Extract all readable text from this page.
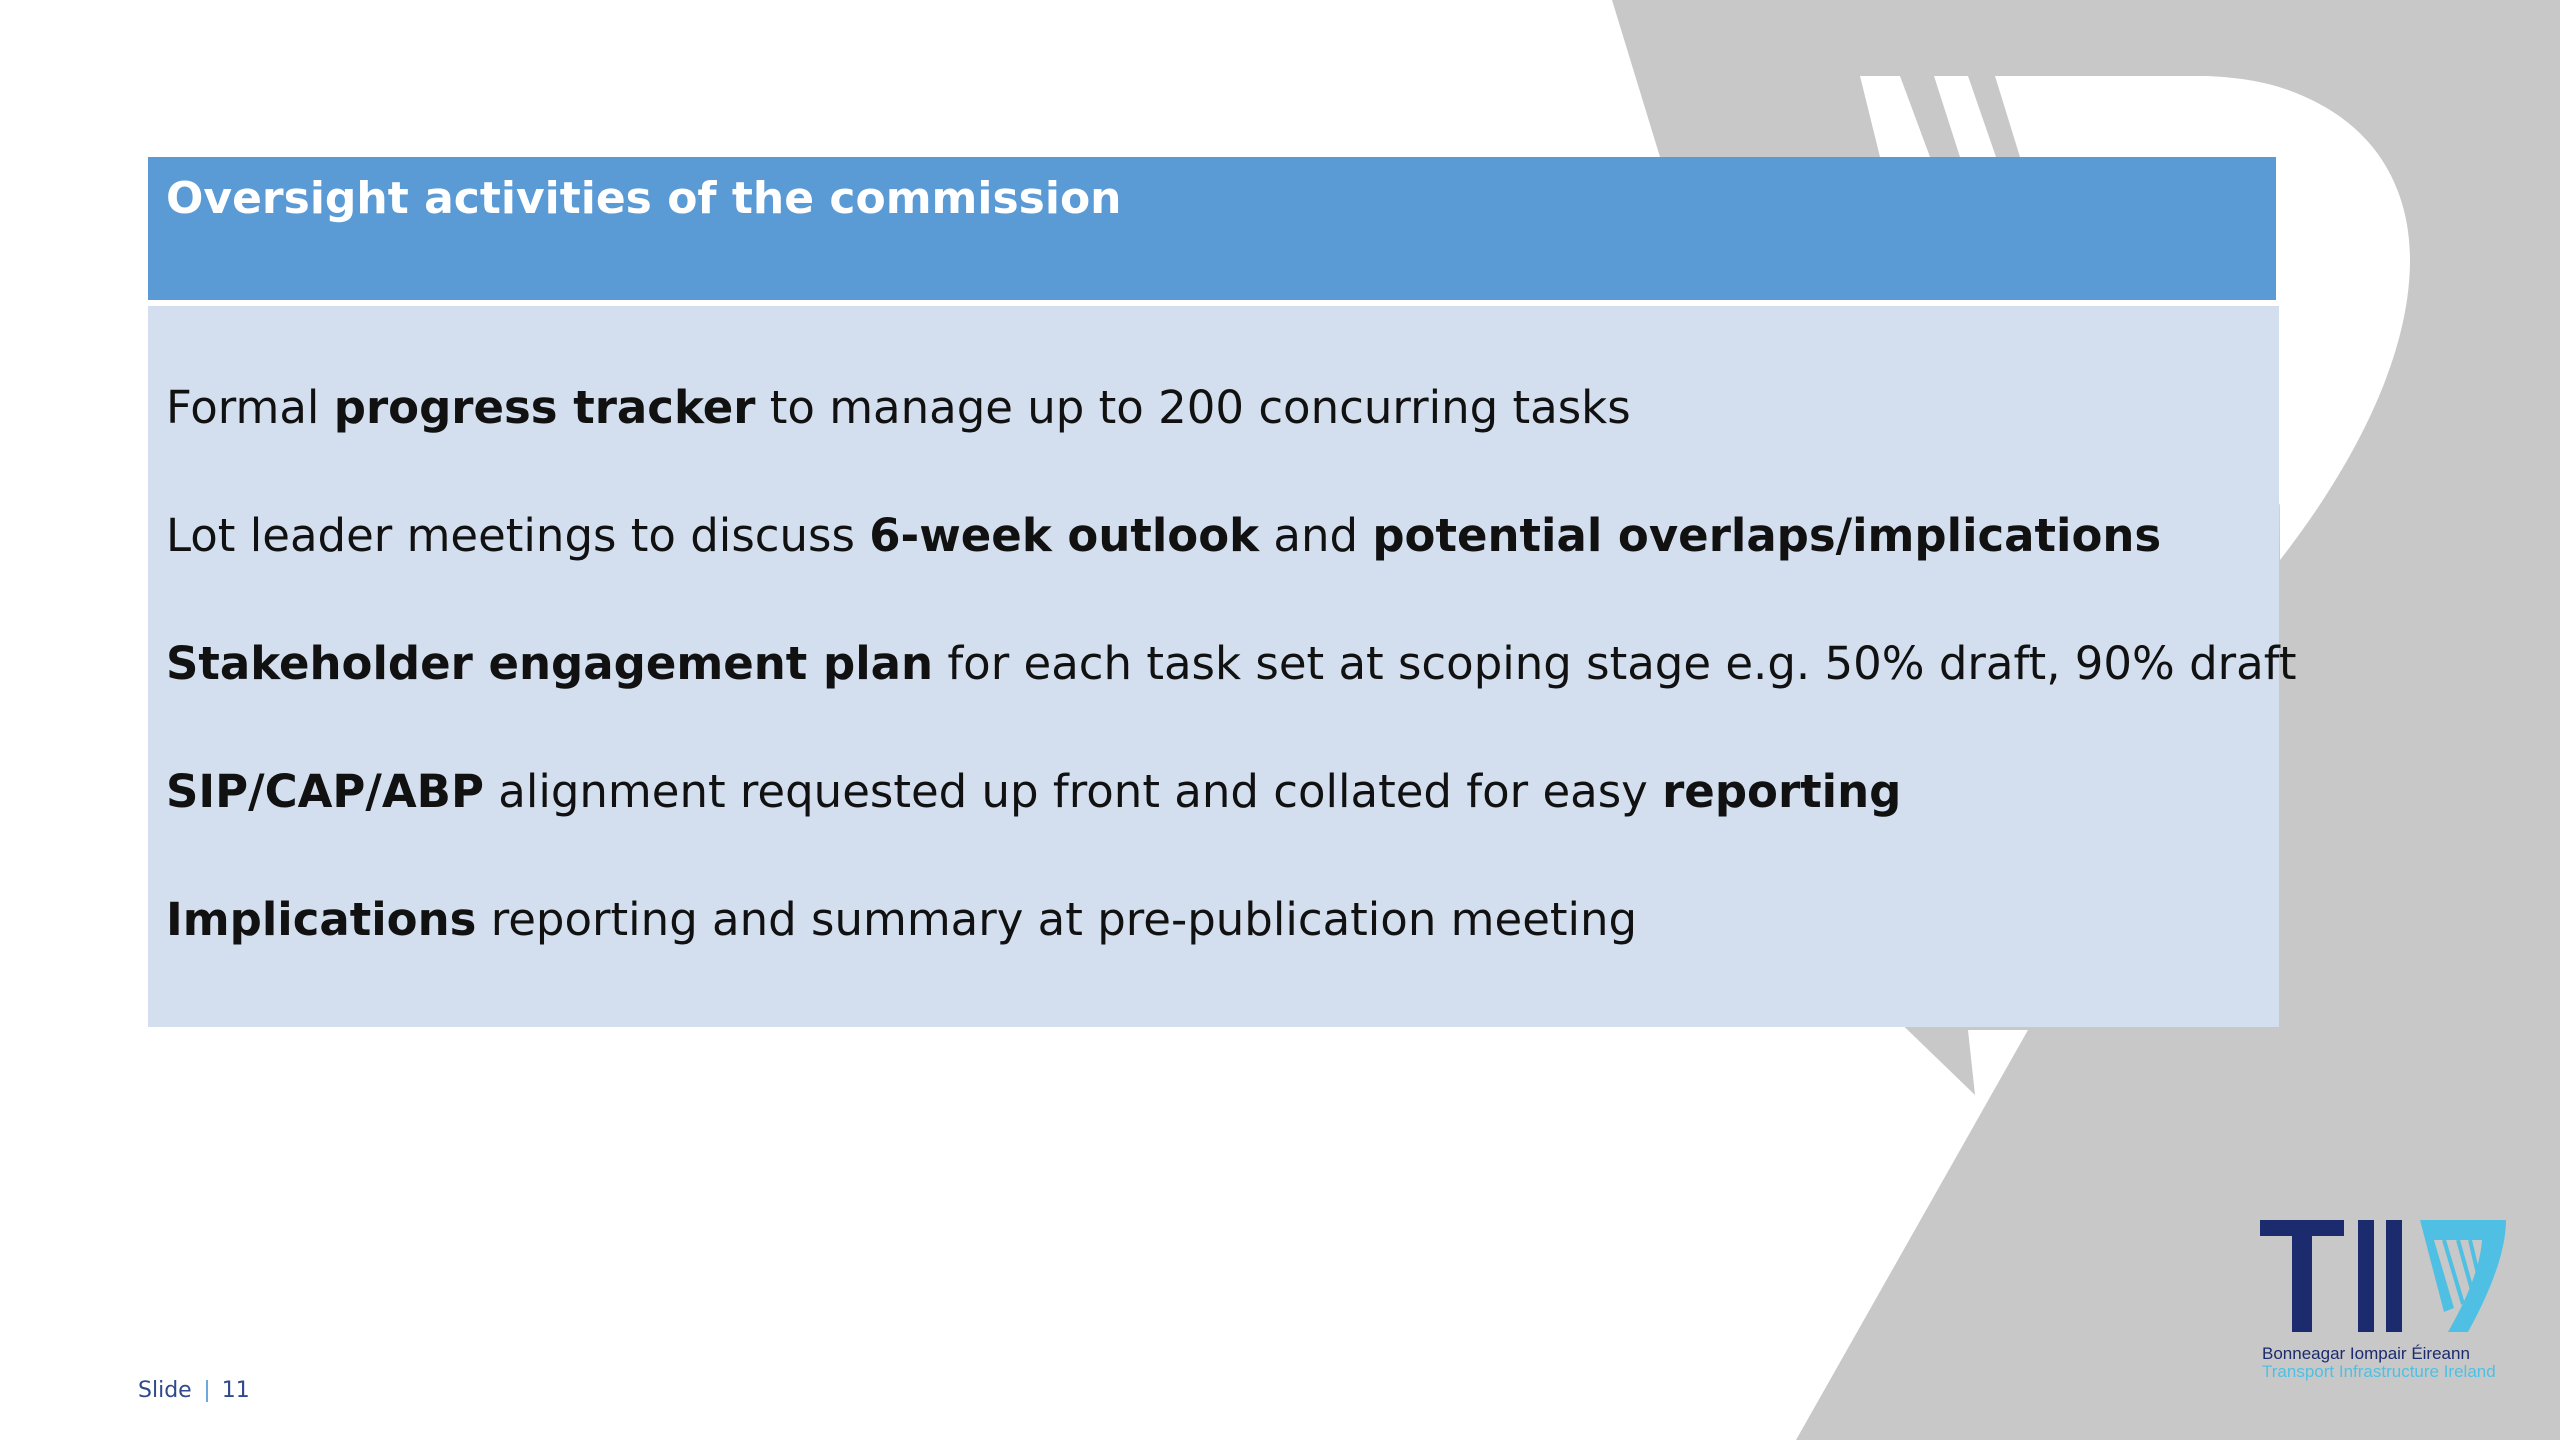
Oversight activities of the commission

Formal progress tracker to manage up to 200 concurring tasks

Lot leader meetings to discuss 6-week outlook and potential overlaps/implications

Stakeholder engagement plan for each task set at scoping stage e.g. 50% draft, 90% draft

SIP/CAP/ABP alignment requested up front and collated for easy reporting

Implications reporting and summary at pre-publication meeting

Slide 11
Bonneagar Iompair Éireann
Transport Infrastructure Ireland
